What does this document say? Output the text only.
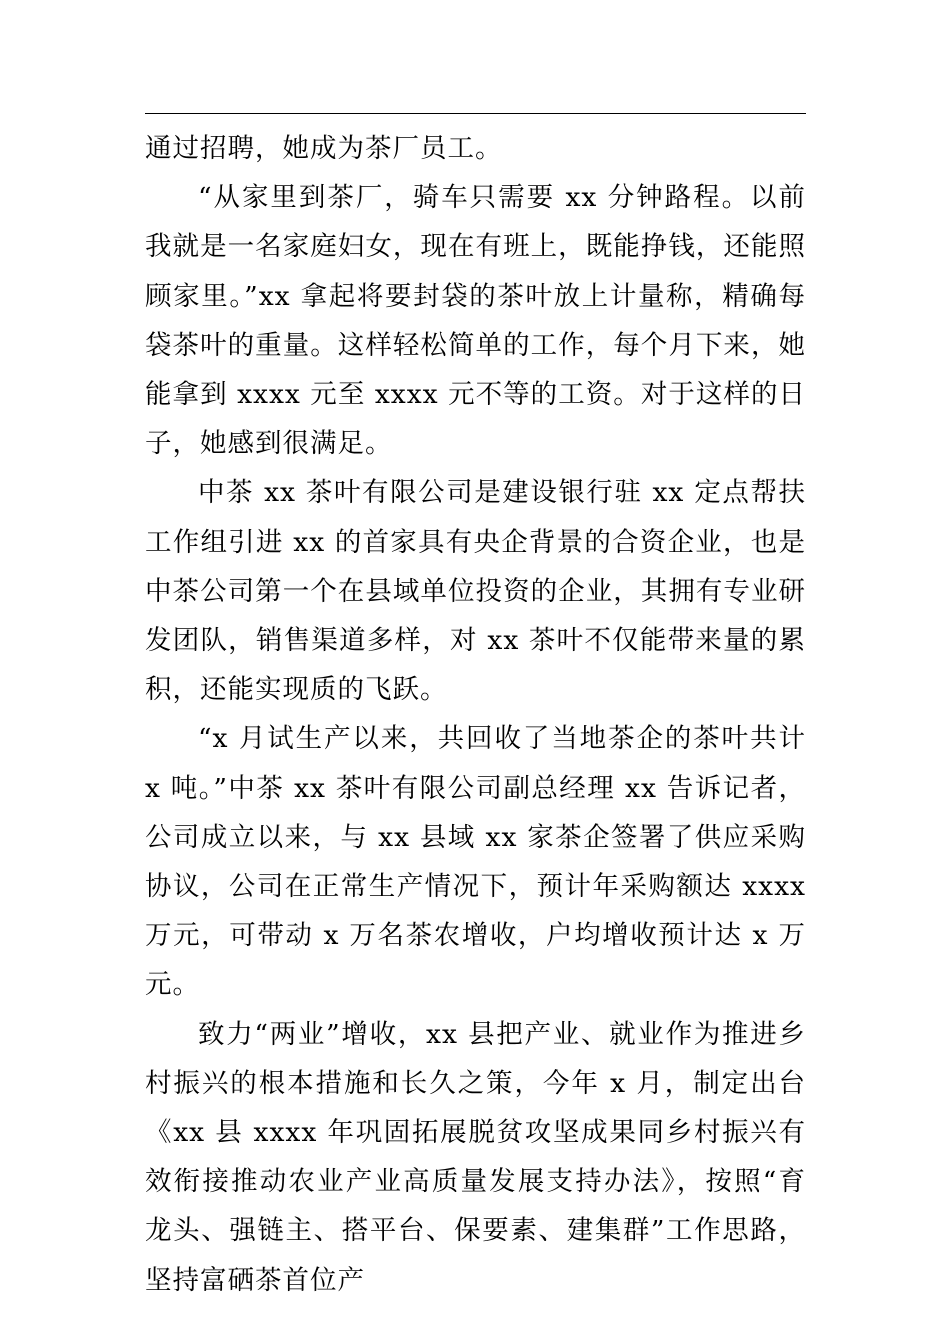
通过招聘，她成为茶厂员工。

“从家里到茶厂，骑车只需要 xx 分钟路程。以前我就是一名家庭妇女，现在有班上，既能挣钱，还能照顾家里。”xx 拿起将要封袋的茶叶放上计量称，精确每袋茶叶的重量。这样轻松简单的工作，每个月下来，她能拿到 xxxx 元至 xxxx 元不等的工资。对于这样的日子，她感到很满足。

中茶 xx 茶叶有限公司是建设银行驻 xx 定点帮扶工作组引进 xx 的首家具有央企背景的合资企业，也是中茶公司第一个在县域单位投资的企业，其拥有专业研发团队，销售渠道多样，对 xx 茶叶不仅能带来量的累积，还能实现质的飞跃。

“x 月试生产以来，共回收了当地茶企的茶叶共计 x 吨。”中茶 xx 茶叶有限公司副总经理 xx 告诉记者，公司成立以来，与 xx 县域 xx 家茶企签署了供应采购协议，公司在正常生产情况下，预计年采购额达 xxxx 万元，可带动 x 万名茶农增收，户均增收预计达 x 万元。

致力“两业”增收，xx 县把产业、就业作为推进乡村振兴的根本措施和长久之策，今年 x 月，制定出台《xx 县 xxxx 年巩固拓展脱贫攻坚成果同乡村振兴有效衔接推动农业产业高质量发展支持办法》，按照“育龙头、强链主、搭平台、保要素、建集群”工作思路，坚持富硒茶首位产
